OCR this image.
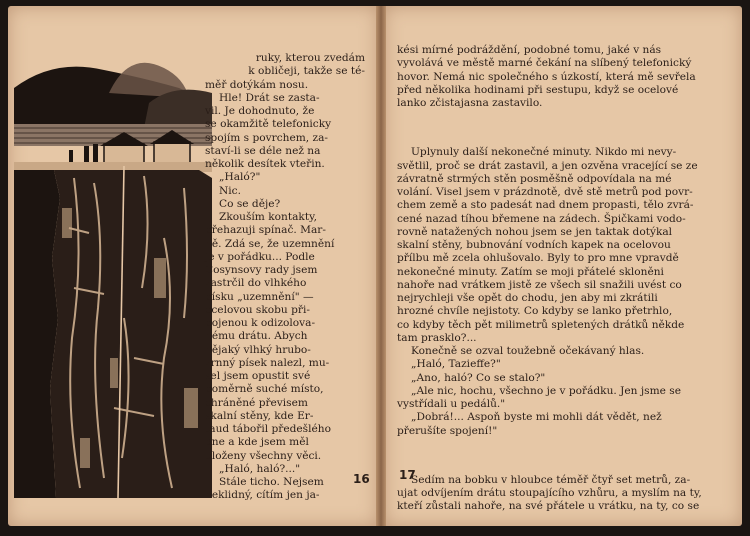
ruky, kterou zvedám
k obličeji, takže se té-
měř dotýkám nosu.
Hle! Drát se zasta-
vil. Je dohodnuto, že
se okamžitě telefonicky
spojím s povrchem, za-
staví-li se déle než na
několik desítek vteřin.
„Haló?"
Nic.
Co se děje?
Zkouším kontakty,
přehazuji spínač. Mar-
ně. Zdá se, že uzemnění
je v pořádku... Podle
Cosynsovy rady jsem
zastrčil do vlhkého
písku „uzemnění" —
ocelovou skobu při-
pojenou k odizolova-
nému drátu. Abych
nějaký vlhký hrubo-
zrnný písek nalezl, mu-
sel jsem opustit své
poměrně suché místo,
chráněné převisem
skalní stěny, kde Er-
taud tábořil předešlého
dne a kde jsem měl
uloženy všechny věci.
„Haló, haló?..."
Stále ticho. Nejsem
neklidný, cítím jen ja-
kési mírné podráždění, podobné tomu, jaké v nás
vyvolává ve městě marné čekání na slíbený telefonický
hovor. Nemá nic společného s úzkostí, která mě sevřela
před několika hodinami při sestupu, když se ocelové
lanko zčistajasna zastavilo.
Uplynuly další nekonečné minuty. Nikdo mi nevy-
světlil, proč se drát zastavil, a jen ozvěna vracející se ze
závratně strmých stěn posměšně odpovídala na mé
volání. Visel jsem v prázdnotě, dvě stě metrů pod povr-
chem země a sto padesát nad dnem propasti, tělo zvrá-
cené nazad tíhou břemene na zádech. Špičkami vodo-
rovně natažených nohou jsem se jen taktak dotýkal
skalní stěny, bubnování vodních kapek na ocelovou
přílbu mě zcela ohlušovalo. Byly to pro mne vpravdě
nekonečné minuty. Zatím se moji přátelé skloněni
nahoře nad vrátkem jistě ze všech sil snažili uvést co
nejrychleji vše opět do chodu, jen aby mi zkrátili
hrozné chvíle nejistoty. Co kdyby se lanko přetrhlo,
co kdyby těch pět milimetrů spletených drátků někde
tam prasklo?...
Konečně se ozval toužebně očekávaný hlas.
„Haló, Tazieffe?"
„Ano, haló? Co se stalo?"
„Ale nic, hochu, všechno je v pořádku. Jen jsme se
vystřídali u pedálů."
„Dobrá!... Aspoň byste mi mohli dát vědět, než
přerušíte spojení!"
Sedím na bobku v hloubce téměř čtyř set metrů, za-
ujat odvíjením drátu stoupajícího vzhůru, a myslím na ty,
kteří zůstali nahoře, na své přátele u vrátku, na ty, co se
16 17
